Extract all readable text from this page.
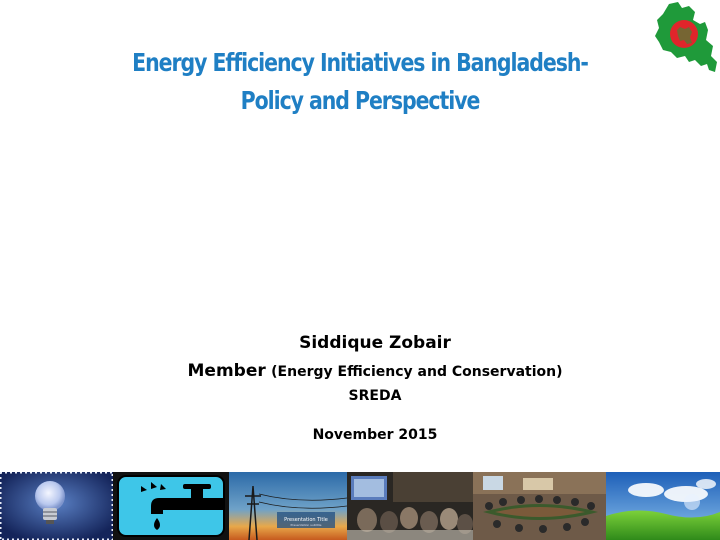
Energy Efficiency Initiatives in Bangladesh-
Policy and Perspective
Siddique Zobair
Member (Energy Efficiency and Conservation)
SREDA
November 2015
Presentation Title
Presentation subtitle
